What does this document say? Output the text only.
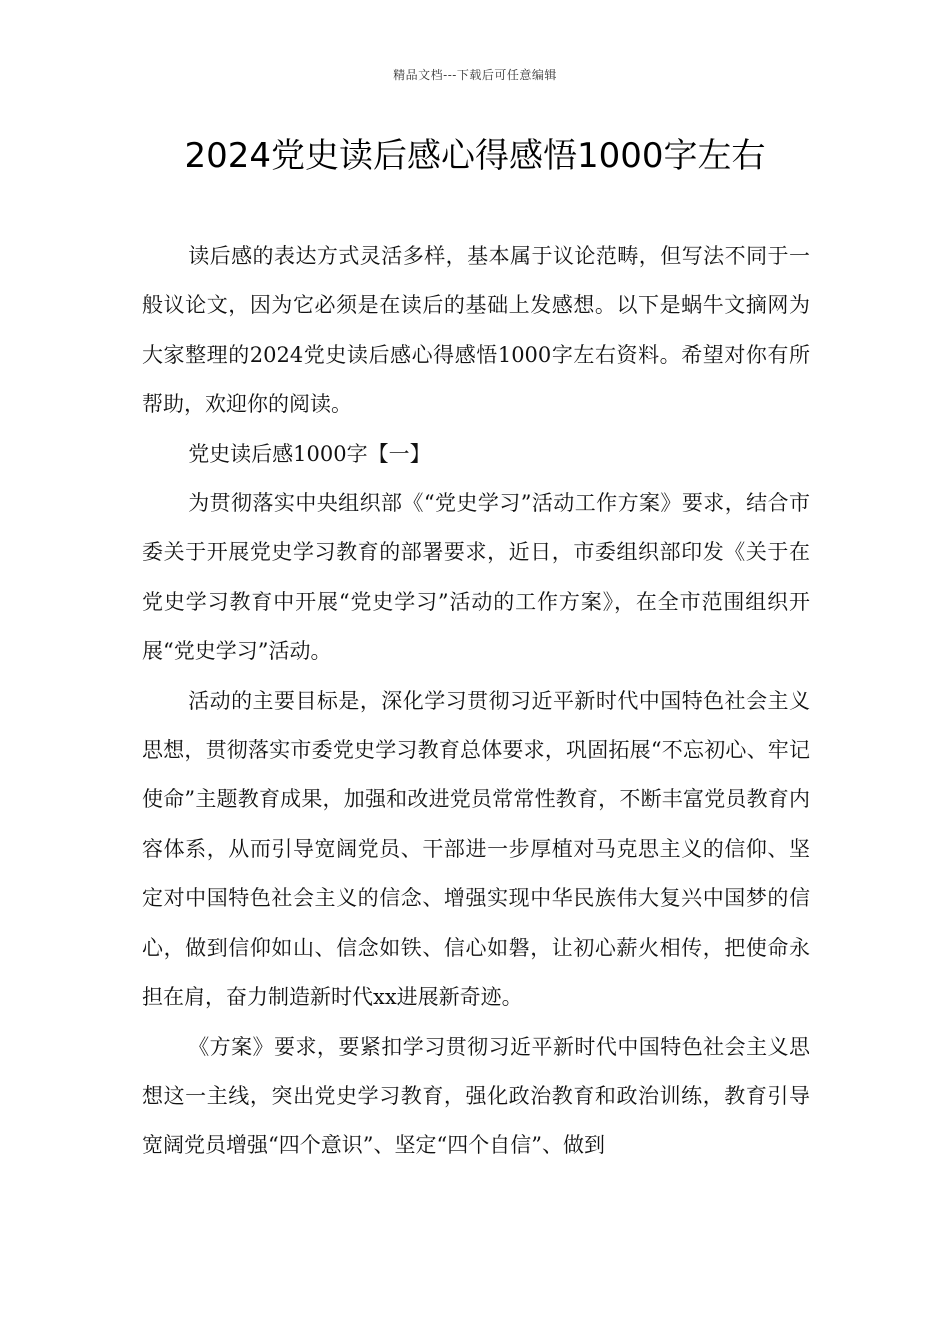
精品文档---下载后可任意编辑
2024党史读后感心得感悟1000字左右

读后感的表达方式灵活多样，基本属于议论范畴，但写法不同于一般议论文，因为它必须是在读后的基础上发感想。以下是蜗牛文摘网为大家整理的2024党史读后感心得感悟1000字左右资料。希望对你有所帮助，欢迎你的阅读。

党史读后感1000字【一】

为贯彻落实中央组织部《“党史学习”活动工作方案》要求，结合市委关于开展党史学习教育的部署要求，近日，市委组织部印发《关于在党史学习教育中开展“党史学习”活动的工作方案》，在全市范围组织开展“党史学习”活动。

活动的主要目标是，深化学习贯彻习近平新时代中国特色社会主义思想，贯彻落实市委党史学习教育总体要求，巩固拓展“不忘初心、牢记使命”主题教育成果，加强和改进党员常常性教育，不断丰富党员教育内容体系，从而引导宽阔党员、干部进一步厚植对马克思主义的信仰、坚定对中国特色社会主义的信念、增强实现中华民族伟大复兴中国梦的信心，做到信仰如山、信念如铁、信心如磐，让初心薪火相传，把使命永担在肩，奋力制造新时代xx进展新奇迹。

《方案》要求，要紧扣学习贯彻习近平新时代中国特色社会主义思想这一主线，突出党史学习教育，强化政治教育和政治训练，教育引导宽阔党员增强“四个意识”、坚定“四个自信”、做到
